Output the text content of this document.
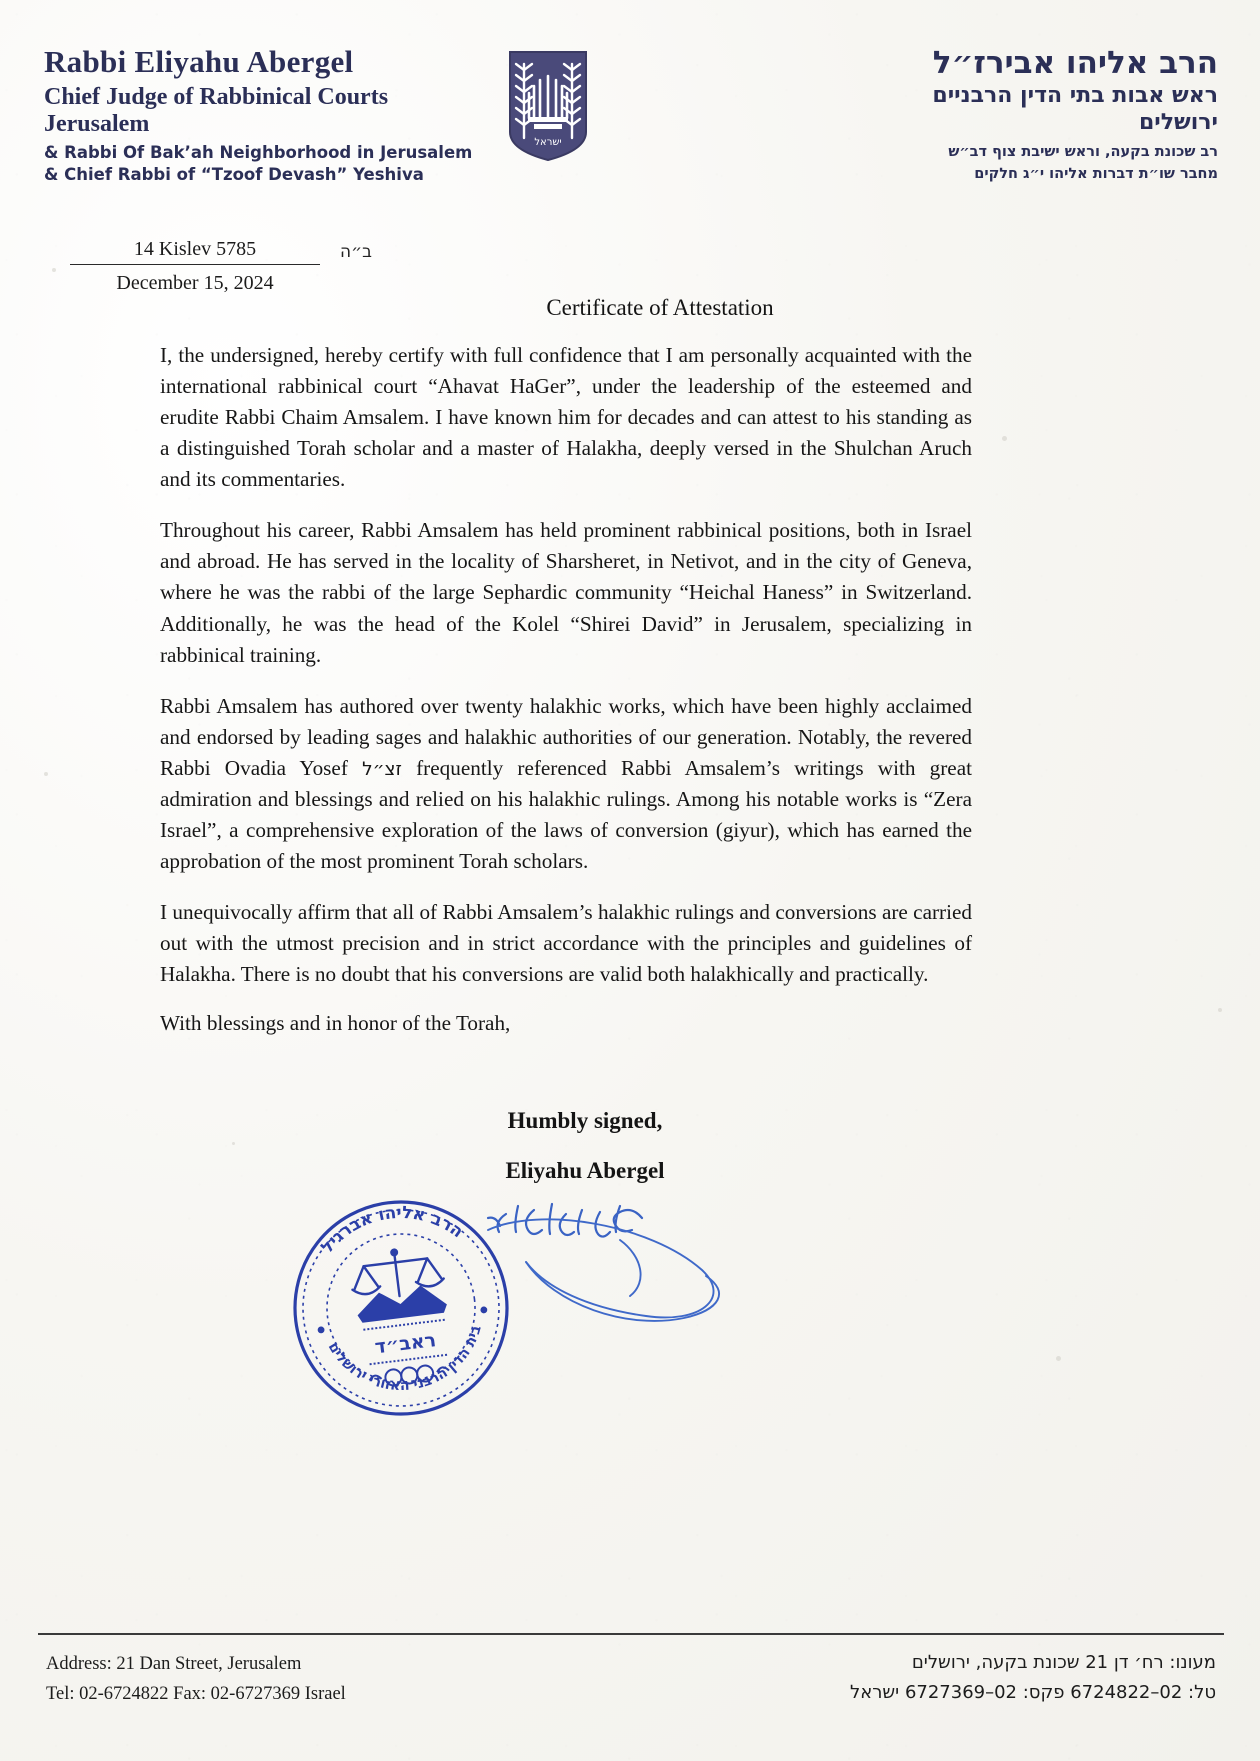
Rabbi Eliyahu Abergel
Chief Judge of Rabbinical Courts
Jerusalem
& Rabbi Of Bak’ah Neighborhood in Jerusalem
& Chief Rabbi of “Tzoof Devash” Yeshiva
ישראל
הרב אליהו אבירז״ל
ראש אבות בתי הדין הרבניים
ירושלים
רב שכונת בקעה, וראש ישיבת צוף דב״ש
מחבר שו״ת דברות אליהו י״ג חלקים
ב״ה
14 Kislev 5785
December 15, 2024
Certificate of Attestation

I, the undersigned, hereby certify with full confidence that I am personally acquainted with the international rabbinical court “Ahavat HaGer”, under the leadership of the esteemed and erudite Rabbi Chaim Amsalem. I have known him for decades and can attest to his standing as a distinguished Torah scholar and a master of Halakha, deeply versed in the Shulchan Aruch and its commentaries.

Throughout his career, Rabbi Amsalem has held prominent rabbinical positions, both in Israel and abroad. He has served in the locality of Sharsheret, in Netivot, and in the city of Geneva, where he was the rabbi of the large Sephardic community “Heichal Haness” in Switzerland. Additionally, he was the head of the Kolel “Shirei David” in Jerusalem, specializing in rabbinical training.

Rabbi Amsalem has authored over twenty halakhic works, which have been highly acclaimed and endorsed by leading sages and halakhic authorities of our generation. Notably, the revered Rabbi Ovadia Yosef זצ״ל frequently referenced Rabbi Amsalem’s writings with great admiration and blessings and relied on his halakhic rulings. Among his notable works is “Zera Israel”, a comprehensive exploration of the laws of conversion (giyur), which has earned the approbation of the most prominent Torah scholars.

I unequivocally affirm that all of Rabbi Amsalem’s halakhic rulings and conversions are carried out with the utmost precision and in strict accordance with the principles and guidelines of Halakha. There is no doubt that his conversions are valid both halakhically and practically.

With blessings and in honor of the Torah,

Humbly signed,
Eliyahu Abergel
הרב אליהו אברגיל
בית הדין הרבני האזורי ירושלים
ראב״ד
Address: 21 Dan Street, Jerusalem
Tel: 02-6724822 Fax: 02-6727369 Israel
מעונו: רח׳ דן 21 שכונת בקעה, ירושלים
טל: 02–6724822 פקס: 02–6727369 ישראל
